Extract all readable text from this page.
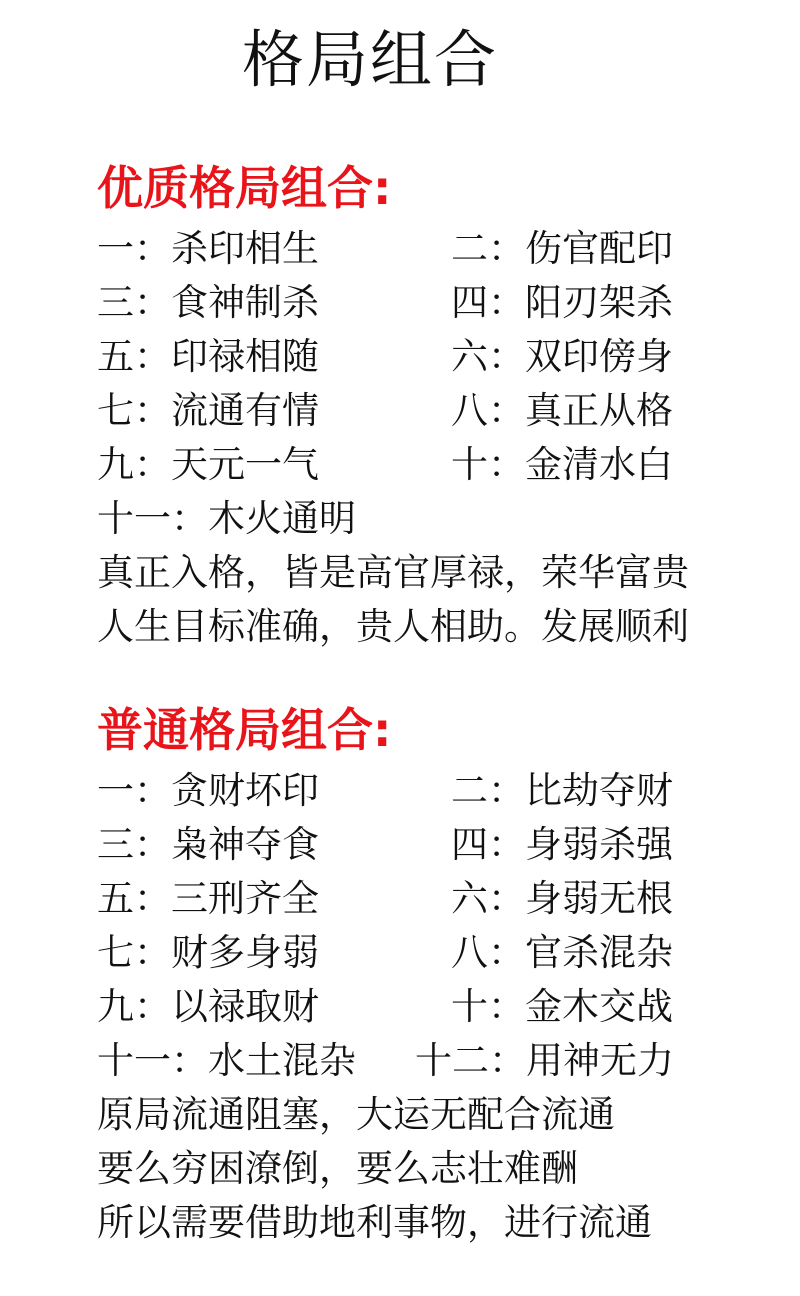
格局组合
优质格局组合:
一：杀印相生	二：伤官配印
三：食神制杀	四：阳刃架杀
五：印禄相随	六：双印傍身
七：流通有情	八：真正从格
九：天元一气	十：金清水白
十一：木火通明
真正入格，皆是高官厚禄，荣华富贵
人生目标准确，贵人相助。发展顺利
普通格局组合:
一：贪财坏印	二：比劫夺财
三：枭神夺食	四：身弱杀强
五：三刑齐全	六：身弱无根
七：财多身弱	八：官杀混杂
九：以禄取财	十：金木交战
十一：水土混杂 十二：用神无力
原局流通阻塞，大运无配合流通
要么穷困潦倒，要么志壮难酬
所以需要借助地利事物，进行流通
